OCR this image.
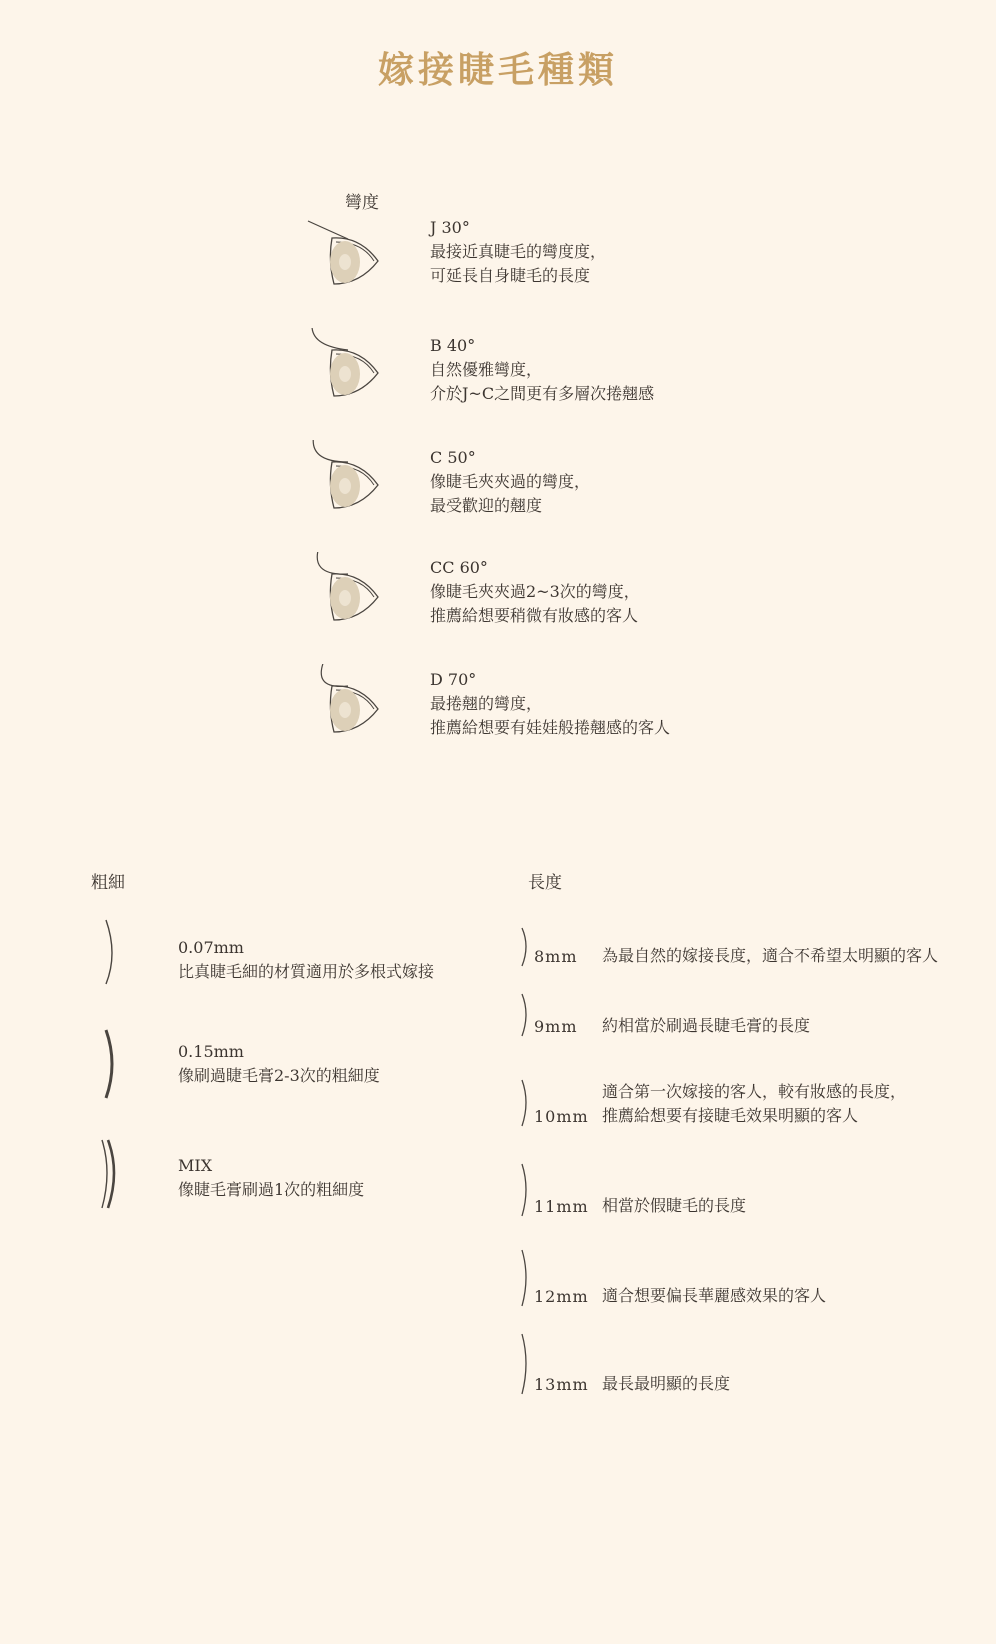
嫁接睫毛種類
彎度
J 30°
最接近真睫毛的彎度度，
可延長自身睫毛的長度
B 40°
自然優雅彎度，
介於J~C之間更有多層次捲翹感
C 50°
像睫毛夾夾過的彎度，
最受歡迎的翹度
CC 60°
像睫毛夾夾過2~3次的彎度，
推薦給想要稍微有妝感的客人
D 70°
最捲翹的彎度，
推薦給想要有娃娃般捲翹感的客人
粗細
0.07mm
比真睫毛細的材質適用於多根式嫁接
0.15mm
像刷過睫毛膏2-3次的粗細度
MIX
像睫毛膏刷過1次的粗細度
長度
8mm 為最自然的嫁接長度，適合不希望太明顯的客人
9mm 約相當於刷過長睫毛膏的長度
10mm
適合第一次嫁接的客人，較有妝感的長度，
推薦給想要有接睫毛效果明顯的客人
11mm 相當於假睫毛的長度
12mm 適合想要偏長華麗感效果的客人
13mm 最長最明顯的長度
